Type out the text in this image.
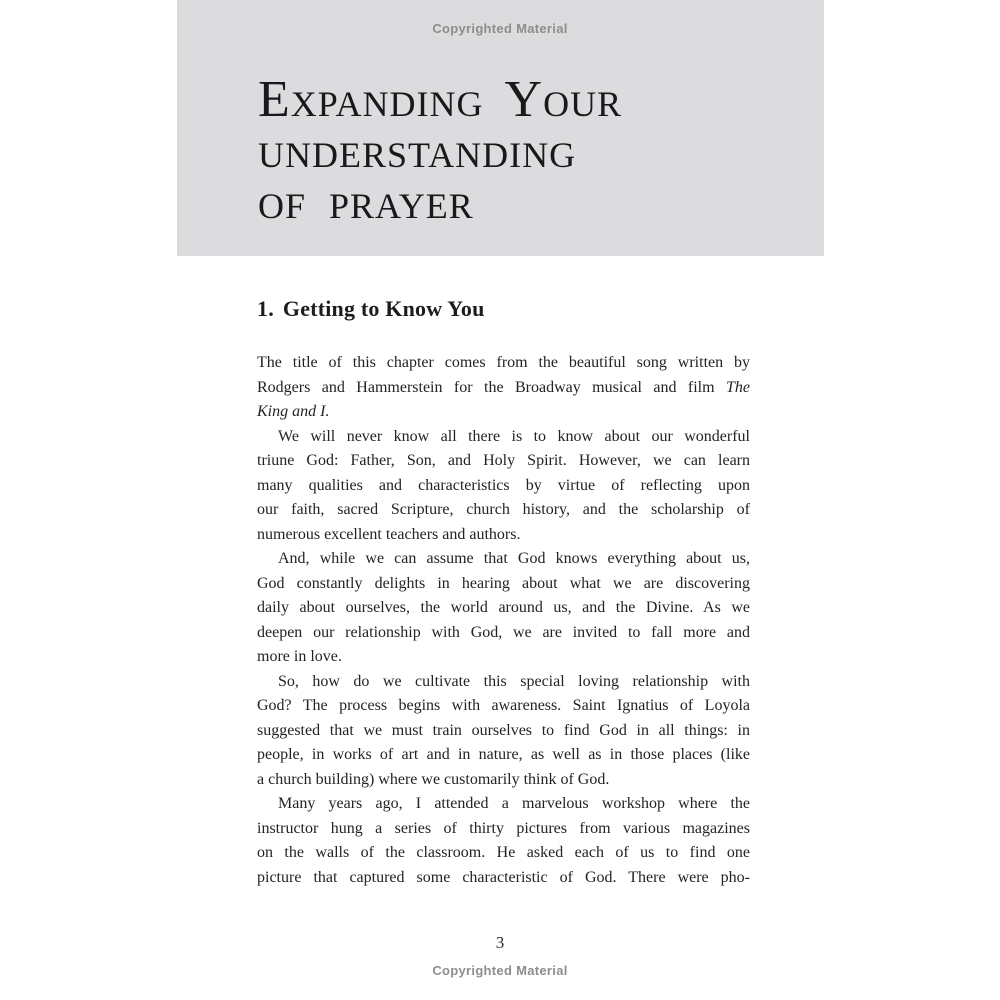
Expanding Your
understanding
of prayer
Copyrighted Material
1. Getting to Know You
The title of this chapter comes from the beautiful song written by
Rodgers and Hammerstein for the Broadway musical and film The
King and I.
We will never know all there is to know about our wonderful
triune God: Father, Son, and Holy Spirit. However, we can learn
many qualities and characteristics by virtue of reflecting upon
our faith, sacred Scripture, church history, and the scholarship of
numerous excellent teachers and authors.
And, while we can assume that God knows everything about us,
God constantly delights in hearing about what we are discovering
daily about ourselves, the world around us, and the Divine. As we
deepen our relationship with God, we are invited to fall more and
more in love.
So, how do we cultivate this special loving relationship with
God? The process begins with awareness. Saint Ignatius of Loyola
suggested that we must train ourselves to find God in all things: in
people, in works of art and in nature, as well as in those places (like
a church building) where we customarily think of God.
Many years ago, I attended a marvelous workshop where the
instructor hung a series of thirty pictures from various magazines
on the walls of the classroom. He asked each of us to find one
picture that captured some characteristic of God. There were pho-
3
Copyrighted Material
